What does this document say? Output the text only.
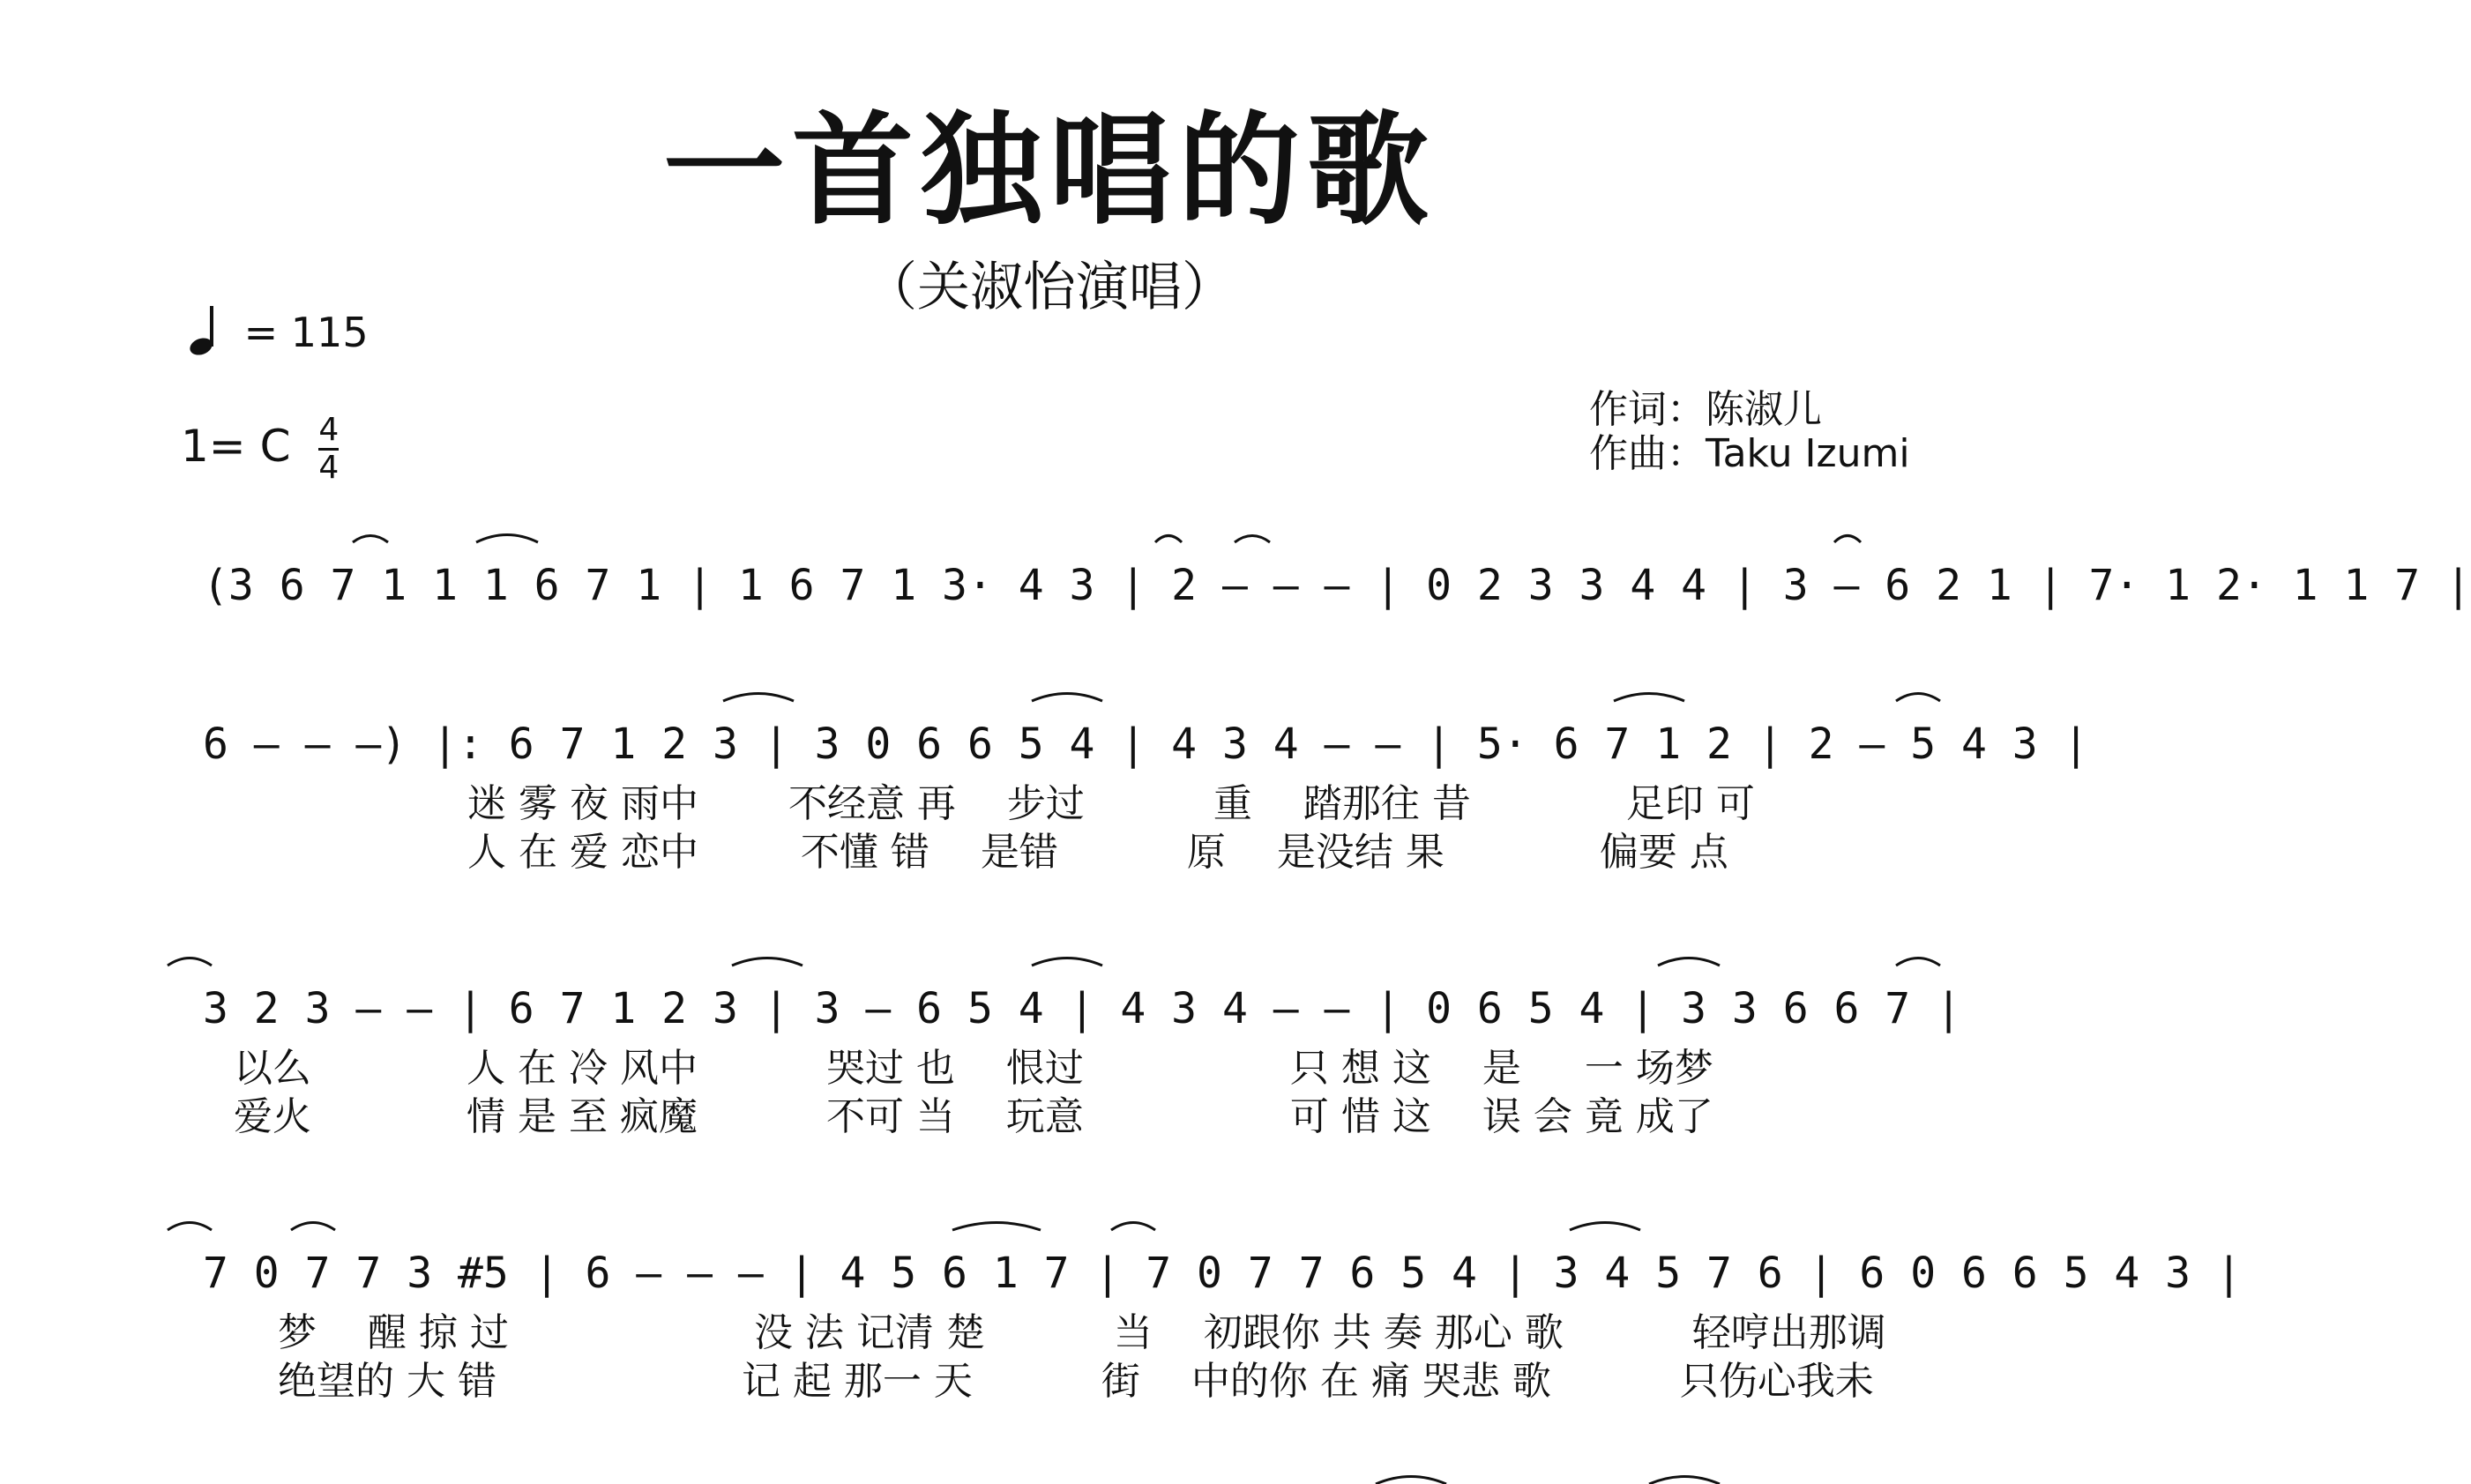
一首独唱的歌
（关淑怡演唱）
= 115
1= C $\frac{4}{4}$
作词：陈淑儿
作曲：Taku Izumi
(3 6 7 1 1 1 6 7 1 | 1 6 7 1 3· 4 3 | 2 – – – | 0 2 3 3 4 4 | 3 – 6 2 1 | 7· 1 2· 1 1 7 |
6 – – –) |: 6 7 1 2 3 | 3 0 6 6 5 4 | 4 3 4 – – | 5· 6 7 1 2 | 2 – 5 4 3 |
迷 雾 夜 雨中 　　不经意 再　 步过 　　　重　 踏那往 昔　　　　足印 可
人 在 爱 恋中 　　 不懂 错 　是错 　　　原　 是没结 果　　　　偏要 点
3 2 3 – – | 6 7 1 2 3 | 3 – 6 5 4 | 4 3 4 – – | 0 6 5 4 | 3 3 6 6 7 |
以么　　　　人 在 冷 风中　　　 哭过 也 　恨过　　　　　 只 想 这 　是 　 一 场梦
爱火　　　　情 是 至 疯魔　　　 不可 当 　玩意　　　　　 可 惜 这 　误 会 竟 成了
7 0 7 7 3 #5 | 6 – – – | 4 5 6 1 7 | 7 0 7 7 6 5 4 | 3 4 5 7 6 | 6 0 6 6 5 4 3 |
梦　 醒 掠 过　　　　　　 没 法 记清 楚　　　 当 　初跟你 共 奏 那心 歌　　　 轻哼出那调
绝望的 大 错　　　　　　 记 起 那一 天　　　 街 　中的你 在 痛 哭悲 歌　　　 只伤心我未
